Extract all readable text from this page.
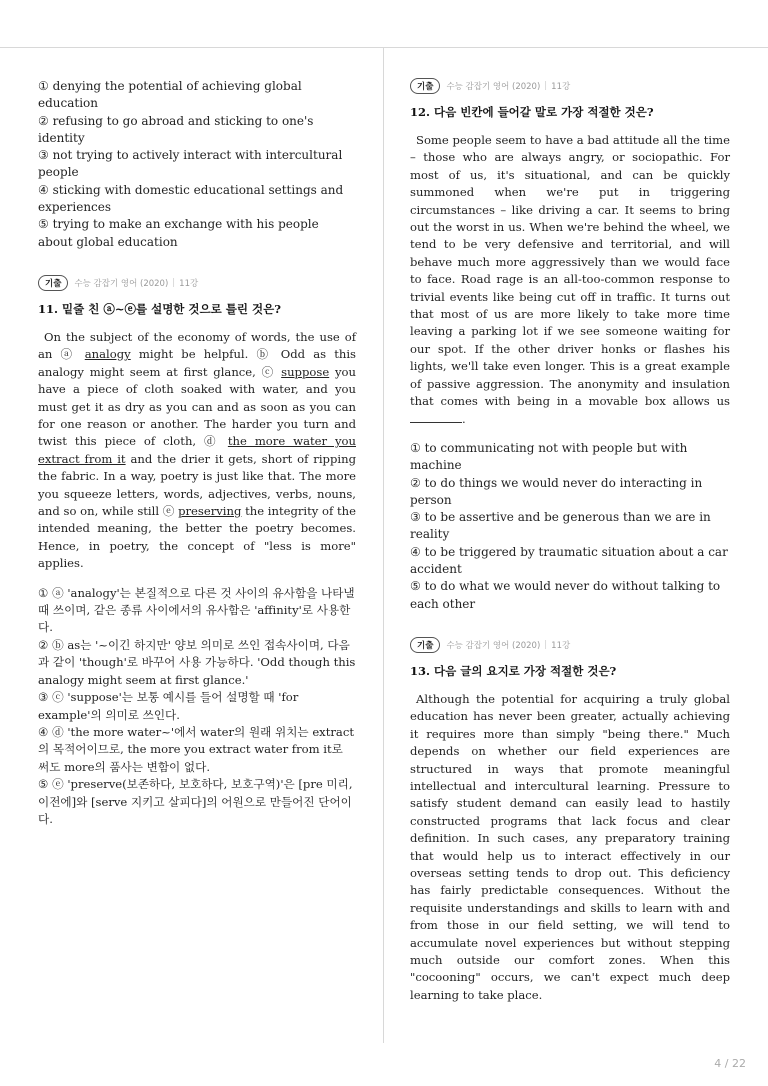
① denying the potential of achieving global education
② refusing to go abroad and sticking to one's identity
③ not trying to actively interact with intercultural people
④ sticking with domestic educational settings and experiences
⑤ trying to make an exchange with his people about global education
기출	수능 감잡기 영어 (2020) | 11강

11. 밑줄 친 ⓐ~ⓔ를 설명한 것으로 틀린 것은?

On the subject of the economy of words, the use of an ⓐ analogy might be helpful. ⓑ Odd as this analogy might seem at first glance, ⓒ suppose you have a piece of cloth soaked with water, and you must get it as dry as you can and as soon as you can for one reason or another. The harder you turn and twist this piece of cloth, ⓓ the more water you extract from it and the drier it gets, short of ripping the fabric. In a way, poetry is just like that. The more you squeeze letters, words, adjectives, verbs, nouns, and so on, while still ⓔ preserving the integrity of the intended meaning, the better the poetry becomes. Hence, in poetry, the concept of "less is more" applies.

① ⓐ 'analogy'는 본질적으로 다른 것 사이의 유사함을 나타낼 때 쓰이며, 같은 종류 사이에서의 유사함은 'affinity'로 사용한다.
② ⓑ as는 '~이긴 하지만' 양보 의미로 쓰인 접속사이며, 다음과 같이 'though'로 바꾸어 사용 가능하다. 'Odd though this analogy might seem at first glance.'
③ ⓒ 'suppose'는 보통 예시를 들어 설명할 때 'for example'의 의미로 쓰인다.
④ ⓓ 'the more water~'에서 water의 원래 위치는 extract의 목적어이므로, the more you extract water from it로 써도 more의 품사는 변함이 없다.
⑤ ⓔ 'preserve(보존하다, 보호하다, 보호구역)'은 [pre 미리, 이전에]와 [serve 지키고 살피다]의 어원으로 만들어진 단어이다.
기출	수능 감잡기 영어 (2020) | 11강

12. 다음 빈칸에 들어갈 말로 가장 적절한 것은?

Some people seem to have a bad attitude all the time – those who are always angry, or sociopathic. For most of us, it's situational, and can be quickly summoned when we're put in triggering circumstances – like driving a car. It seems to bring out the worst in us. When we're behind the wheel, we tend to be very defensive and territorial, and will behave much more aggressively than we would face to face. Road rage is an all-too-common response to trivial events like being cut off in traffic. It turns out that most of us are more likely to take more time leaving a parking lot if we see someone waiting for our spot. If the other driver honks or flashes his lights, we'll take even longer. This is a great example of passive aggression. The anonymity and insulation that comes with being in a movable box allows us .

① to communicating not with people but with machine
② to do things we would never do interacting in person
③ to be assertive and be generous than we are in reality
④ to be triggered by traumatic situation about a car accident
⑤ to do what we would never do without talking to each other
기출	수능 감잡기 영어 (2020) | 11강

13. 다음 글의 요지로 가장 적절한 것은?

Although the potential for acquiring a truly global education has never been greater, actually achieving it requires more than simply "being there." Much depends on whether our field experiences are structured in ways that promote meaningful intellectual and intercultural learning. Pressure to satisfy student demand can easily lead to hastily constructed programs that lack focus and clear definition. In such cases, any preparatory training that would help us to interact effectively in our overseas setting tends to drop out. This deficiency has fairly predictable consequences. Without the requisite understandings and skills to learn with and from those in our field setting, we will tend to accumulate novel experiences but without stepping much outside our comfort zones. When this "cocooning" occurs, we can't expect much deep learning to take place.

4 / 22
